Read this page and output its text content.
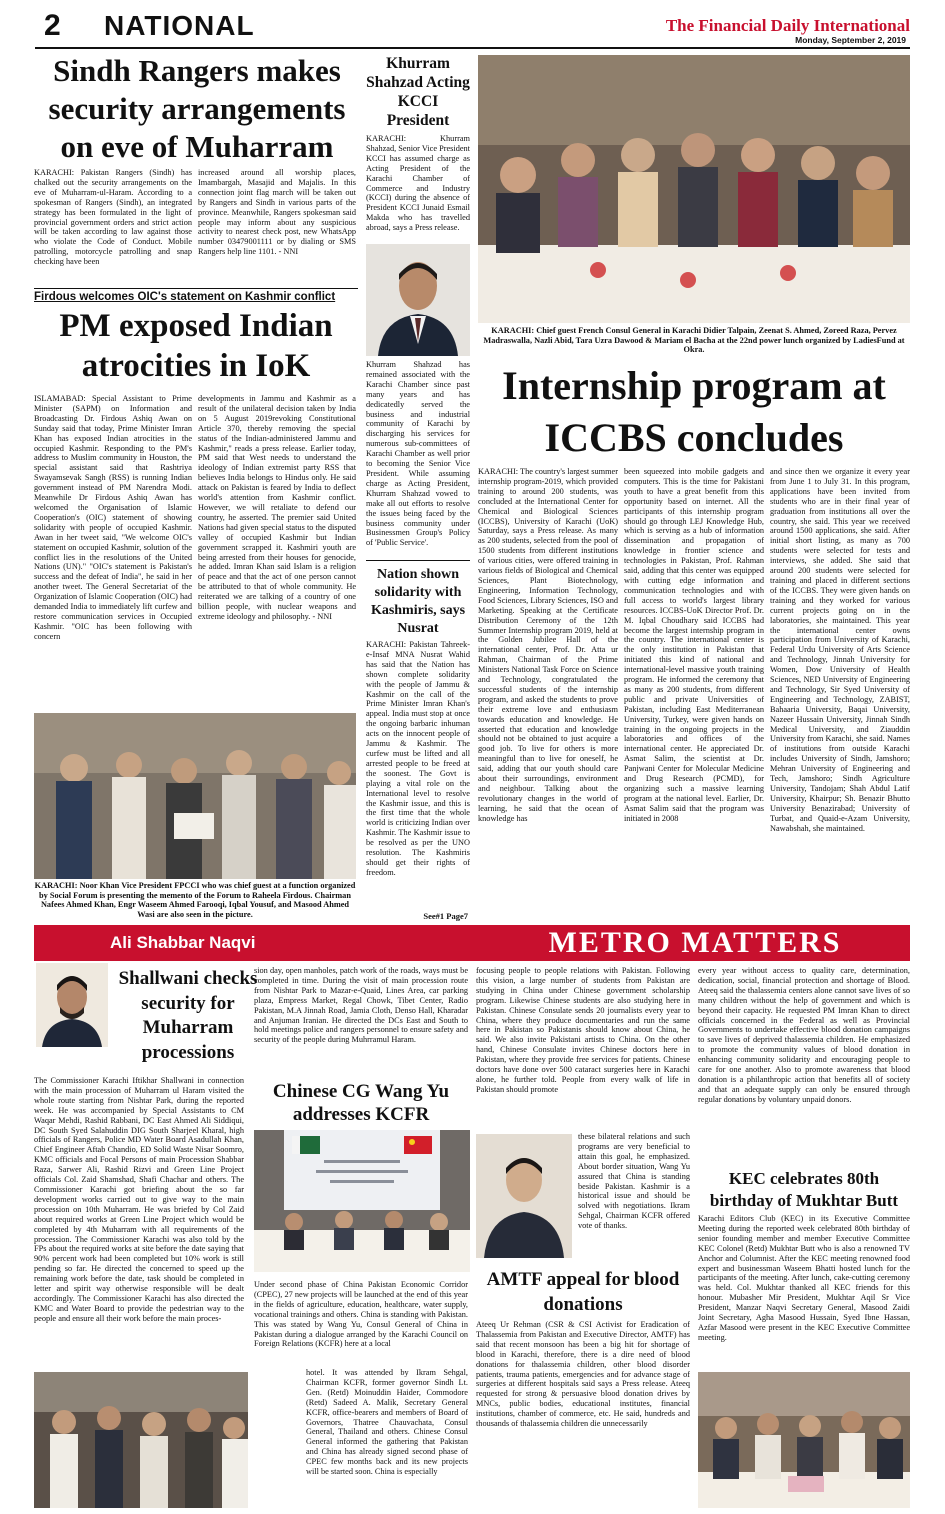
2 NATIONAL	The Financial Daily International
Monday, September 2, 2019
Sindh Rangers makes security arrangements on eve of Muharram
KARACHI: Pakistan Rangers (Sindh) has chalked out the security arrangements on the eve of Muharram-ul-Haram. According to a spokesman of Rangers (Sindh), an integrated strategy has been formulated in the light of provincial government orders and strict action will be taken according to law against those who violate the Code of Conduct. Mobile patrolling, motorcycle patrolling and snap checking have been
increased around all worship places, Imambargah, Masajid and Majalis. In this connection joint flag march will be taken out by Rangers and Sindh in various parts of the province. Meanwhile, Rangers spokesman said people may inform about any suspicious activity to nearest check post, new WhatsApp number 03479001111 or by dialing or SMS Rangers help line 1101. - NNI
Firdous welcomes OIC's statement on Kashmir conflict
PM exposed Indian atrocities in IoK
ISLAMABAD: Special Assistant to Prime Minister (SAPM) on Information and Broadcasting Dr. Firdous Ashiq Awan on Sunday said that today, Prime Minister Imran Khan has exposed Indian atrocities in the occupied Kashmir. Responding to the PM's address to Muslim community in Houston, the special assistant said that Rashtriya Swayamsevak Sangh (RSS) is running Indian government instead of PM Narendra Modi. Meanwhile Dr Firdous Ashiq Awan has welcomed the Organisation of Islamic Cooperation's (OIC) statement of showing solidarity with people of occupied Kashmir. Awan in her tweet said, "We welcome OIC's statement on occupied Kashmir, solution of the conflict lies in the resolutions of the United Nations (UN)." "OIC's statement is Pakistan's success and the defeat of India", he said in her another tweet. The General Secretariat of the Organization of Islamic Cooperation (OIC) had demanded India to immediately lift curfew and restore communication services in Occupied Kashmir. "OIC has been following with concern
developments in Jammu and Kashmir as a result of the unilateral decision taken by India on 5 August 2019revoking Constitutional Article 370, thereby removing the special status of the Indian-administered Jammu and Kashmir," reads a press release. Earlier today, PM said that West needs to understand the ideology of Indian extremist party RSS that believes India belongs to Hindus only. He said attack on Pakistan is feared by India to deflect world's attention from Kashmir conflict. However, we will retaliate to defend our country, he asserted. The premier said United Nations had given special status to the disputed valley of occupied Kashmir but Indian government scrapped it. Kashmiri youth are being arrested from their houses for genocide, he added. Imran Khan said Islam is a religion of peace and that the act of one person cannot be attributed to that of whole community. He reiterated we are talking of a country of one billion people, with nuclear weapons and extreme ideology and philosophy. - NNI
KARACHI: Noor Khan Vice President FPCCI who was chief guest at a function organized by Social Forum is presenting the memento of the Forum to Raheela Firdous. Chairman Nafees Ahmed Khan, Engr Waseem Ahmed Farooqi, Iqbal Yousuf, and Masood Ahmed Wasi are also seen in the picture.
Khurram Shahzad Acting KCCI President
KARACHI: Khurram Shahzad, Senior Vice President KCCI has assumed charge as Acting President of the Karachi Chamber of Commerce and Industry (KCCI) during the absence of President KCCI Junaid Esmail Makda who has travelled abroad, says a Press release.
Khurram Shahzad has remained associated with the Karachi Chamber since past many years and has dedicatedly served the business and industrial community of Karachi by discharging his services for numerous sub-committees of Karachi Chamber as well prior to becoming the Senior Vice President. While assuming charge as Acting President, Khurram Shahzad vowed to make all out efforts to resolve the issues being faced by the business community under Businessmen Group's Policy of 'Public Service'.
Nation shown solidarity with Kashmiris, says Nusrat
KARACHI: Pakistan Tahreek-e-Insaf MNA Nusrat Wahid has said that the Nation has shown complete solidarity with the people of Jammu & Kashmir on the call of the Prime Minister Imran Khan's appeal. India must stop at once the ongoing barbaric inhuman acts on the innocent people of Jammu & Kashmir. The curfew must be lifted and all arrested people to be freed at the soonest. The Govt is playing a vital role on the International level to resolve the Kashmir issue, and this is the first time that the whole world is criticizing Indian over Kashmir. The Kashmir issue to be resolved as per the UNO resolution. The Kashmiris should get their rights of freedom.
See#1 Page7
KARACHI: Chief guest French Consul General in Karachi Didier Talpain, Zeenat S. Ahmed, Zoreed Raza, Pervez Madraswalla, Nazli Abid, Tara Uzra Dawood & Mariam el Bacha at the 22nd power lunch organized by LadiesFund at Okra.
Internship program at ICCBS concludes
KARACHI: The country's largest summer internship program-2019, which provided training to around 200 students, was concluded at the International Center for Chemical and Biological Sciences (ICCBS), University of Karachi (UoK) Saturday, says a Press release. As many as 200 students, selected from the pool of 1500 students from different institutions of various cities, were offered training in various fields of Biological and Chemical Sciences, Plant Biotechnology, Engineering, Information Technology, Food Sciences, Library Sciences, ISO and Marketing. Speaking at the Certificate Distribution Ceremony of the 12th Summer Internship program 2019, held at the Golden Jubilee Hall of the international center, Prof. Dr. Atta ur Rahman, Chairman of the Prime Ministers National Task Force on Science and Technology, congratulated the successful students of the internship program, and asked the students to prove their extreme love and enthusiasm towards education and knowledge. He asserted that education and knowledge should not be obtained to just acquire a good job. To live for others is more meaningful than to live for oneself, he said, adding that our youth should care about their surroundings, environment and neighbour. Talking about the revolutionary changes in the world of learning, he said that the ocean of knowledge has
been squeezed into mobile gadgets and computers. This is the time for Pakistani youth to have a great benefit from this opportunity based on internet. All the participants of this internship program should go through LEJ Knowledge Hub, which is serving as a hub of information dissemination and propagation of knowledge in frontier science and technologies in Pakistan, Prof. Rahman said, adding that this center was equipped with cutting edge information and communication technologies and with full access to world's largest library resources. ICCBS-UoK Director Prof. Dr. M. Iqbal Choudhary said ICCBS had become the largest internship program in the country. The international center is the only institution in Pakistan that initiated this kind of national and international-level massive youth training program. He informed the ceremony that as many as 200 students, from different public and private Universities of Pakistan, including East Mediterranean University, Turkey, were given hands on training in the ongoing projects in the laboratories and offices of the international center. He appreciated Dr. Asmat Salim, the scientist at Dr. Panjwani Center for Molecular Medicine and Drug Research (PCMD), for organizing such a massive learning program at the national level. Earlier, Dr. Asmat Salim said that the program was initiated in 2008
and since then we organize it every year from June 1 to July 31. In this program, applications have been invited from students who are in their final year of graduation from institutions all over the country, she said. This year we received around 1500 applications, she said. After initial short listing, as many as 700 students were selected for tests and interviews, she added. She said that around 200 students were selected for training and placed in different sections of the ICCBS. They were given hands on training and they worked for various current projects going on in the laboratories, she maintained. This year the international center owns participation from University of Karachi, Federal Urdu University of Arts Science and Technology, Jinnah University for Women, Dow University of Health Sciences, NED University of Engineering and Technology, Sir Syed University of Engineering and Technology, ZABIST, Bahaaria University, Baqai University, Nazeer Hussain University, Jinnah Sindh Medical University, and Ziauddin University from Karachi, she said. Names of institutions from outside Karachi includes University of Sindh, Jamshoro; Mehran University of Engineering and Tech, Jamshoro; Sindh Agriculture University, Tandojam; Shah Abdul Latif University, Khairpur; Sh. Benazir Bhutto University Benazirabad; University of Turbat, and Quaid-e-Azam University, Nawabshah, she maintained.
Ali Shabbar Naqvi	METRO MATTERS
Shallwani checks security for Muharram processions
The Commissioner Karachi Iftikhar Shallwani in connection with the main procession of Muharram ul Haram visited the whole route starting from Nishtar Park, during the reported week. He was accompanied by Special Assistants to CM Waqar Mehdi, Rashid Rabbani, DC East Ahmed Ali Siddiqui, DC South Syed Salahuddin DIG South Sharjeel Kharal, high officials of Rangers, Police MD Water Board Asadullah Khan, Chief Engineer Aftab Chandio, ED Solid Waste Nisar Soomro, KMC officials and Focal Persons of main Procession Shabbar Raza, Sarwer Ali, Rashid Rizvi and Green Line Project officials Col. Zaid Shamshad, Shafi Chachar and others. The Commissioner Karachi got briefing about the so far development works carried out to give way to the main procession on 10th Muharram. He was briefed by Col Zaid about required works at Green Line Project which would be completed by 4th Muharram with all requirements of the procession. The Commissioner Karachi was also told by the FPs about the required works at site before the date saying that 90% percent work had been completed but 10% work is still pending so far. He directed the concerned to speed up the remaining work before the date, task should be completed in letter and spirit way otherwise responsible will be dealt accordingly. The Commissioner Karachi has also directed the KMC and Water Board to provide the pedestrian way to the people and ensure all their work before the main proces-
sion day, open manholes, patch work of the roads, ways must be completed in time. During the visit of main procession route from Nishtar Park to Mazar-e-Quaid, Lines Area, car parking plaza, Empress Market, Regal Chowk, Tibet Center, Radio Pakistan, M.A Jinnah Road, Jamia Cloth, Denso Hall, Kharadar and Anjuman Iranian. He directed the DCs East and South to hold meetings police and rangers personnel to ensure safety and security of the people during Muhrramul Haram.
Chinese CG Wang Yu addresses KCFR
Under second phase of China Pakistan Economic Corridor (CPEC), 27 new projects will be launched at the end of this year in the fields of agriculture, education, healthcare, water supply, vocational trainings and others. China is standing with Pakistan. This was stated by Wang Yu, Consul General of China in Pakistan during a dialogue arranged by the Karachi Council on Foreign Relations (KCFR) here at a local
hotel. It was attended by Ikram Sehgal, Chairman KCFR, former governor Sindh Lt. Gen. (Retd) Moinuddin Haider, Commodore (Retd) Sadeed A. Malik, Secretary General KCFR, office-bearers and members of Board of Governors, Thatree Chauvachata, Consul General, Thailand and others. Chinese Consul General informed the gathering that Pakistan and China has already signed second phase of CPEC few months back and its new projects will be started soon. China is especially
focusing people to people relations with Pakistan. Following this vision, a large number of students from Pakistan are studying in China under Chinese government scholarship program. Likewise Chinese students are also studying here in Pakistan. Chinese Consulate sends 20 journalists every year to China, where they produce documentaries and run the same here in Pakistan so Pakistanis should know about China, he said. We also invite Pakistani artists to China. On the other hand, Chinese Consulate invites Chinese doctors here in Pakistan, where they provide free services for patients. Chinese doctors have done over 500 cataract surgeries here in Karachi alone, he further told. People from every walk of life in Pakistan should promote
these bilateral relations and such programs are very beneficial to attain this goal, he emphasized. About border situation, Wang Yu assured that China is standing beside Pakistan. Kashmir is a historical issue and should be solved with negotiations. Ikram Sehgal, Chairman KCFR offered vote of thanks.
AMTF appeal for blood donations
Ateeq Ur Rehman (CSR & CSI Activist for Eradication of Thalassemia from Pakistan and Executive Director, AMTF) has said that recent monsoon has been a big hit for shortage of blood in Karachi, therefore, there is a dire need of blood donations for thalassemia children, other blood disorder patients, trauma patients, emergencies and for advance stage of surgeries at different hospitals said says a Press release. Ateeq requested for strong & persuasive blood donation drives by MNCs, public bodies, educational institutes, financial institutions, chamber of commerce, etc. He said, hundreds and thousands of thalassemia children die unnecessarily
every year without access to quality care, determination, dedication, social, financial protection and shortage of Blood. Ateeq said the thalassemia centers alone cannot save lives of so many children without the help of government and which is beyond their capacity. He requested PM Imran Khan to direct officials concerned in the Federal as well as Provincial Governments to undertake effective blood donation campaigns to save lives of deprived thalassemia children. He emphasized to promote the community values of blood donation in enhancing community solidarity and encouraging people to care for one another. Also to promote awareness that blood donation is a philanthropic action that benefits all of society and that an adequate supply can only be ensured through regular donations by voluntary unpaid donors.
KEC celebrates 80th birthday of Mukhtar Butt
Karachi Editors Club (KEC) in its Executive Committee Meeting during the reported week celebrated 80th birthday of senior founding member and member Executive Committee KEC Colonel (Retd) Mukhtar Butt who is also a renowned TV Anchor and Columnist. After the KEC meeting renowned food expert and businessman Waseem Bhatti hosted lunch for the participants of the meeting. After lunch, cake-cutting ceremony was held. Col. Mukhtar thanked all KEC friends for this honour. Mubasher Mir President, Mukhtar Aqil Sr Vice President, Manzar Naqvi Secretary General, Masood Zaidi Joint Secretary, Agha Masood Hussain, Syed Ibne Hassan, Azfar Masood were present in the KEC Executive Committee meeting.
